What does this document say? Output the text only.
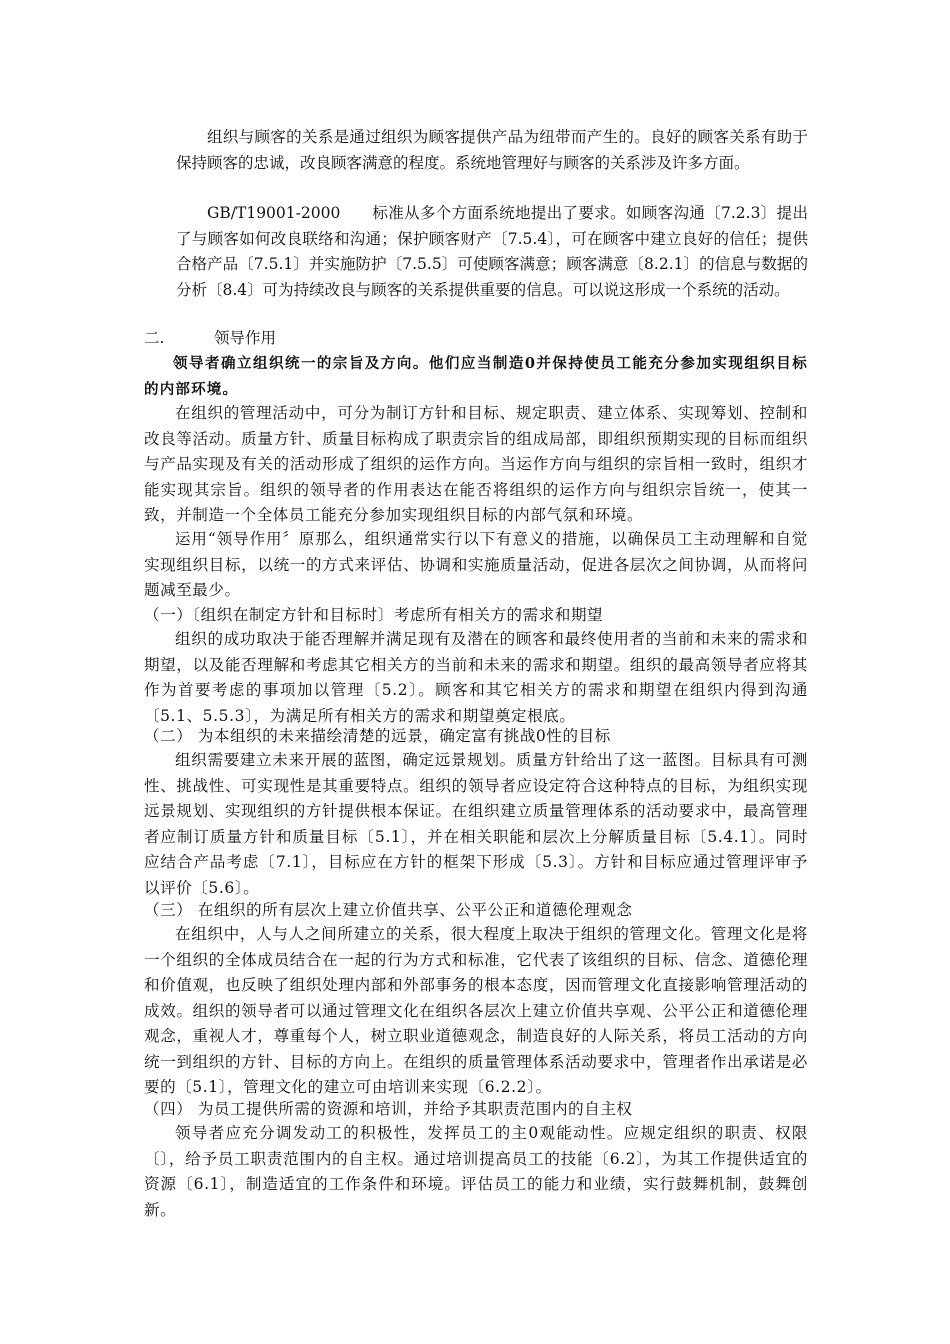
组织与顾客的关系是通过组织为顾客提供产品为纽带而产生的。良好的顾客关系有助于保持顾客的忠诚，改良顾客满意的程度。系统地管理好与顾客的关系涉及许多方面。

GB/T19001-2000　　标准从多个方面系统地提出了要求。如顾客沟通〔7.2.3〕提出了与顾客如何改良联络和沟通；保护顾客财产〔7.5.4〕，可在顾客中建立良好的信任；提供合格产品〔7.5.1〕并实施防护〔7.5.5〕可使顾客满意；顾客满意〔8.2.1〕的信息与数据的分析〔8.4〕可为持续改良与顾客的关系提供重要的信息。可以说这形成一个系统的活动。

二.	领导作用

领导者确立组织统一的宗旨及方向。他们应当制造0并保持使员工能充分参加实现组织目标的内部环境。

在组织的管理活动中，可分为制订方针和目标、规定职责、建立体系、实现筹划、控制和改良等活动。质量方针、质量目标构成了职责宗旨的组成局部，即组织预期实现的目标而组织与产品实现及有关的活动形成了组织的运作方向。当运作方向与组织的宗旨相一致时，组织才能实现其宗旨。组织的领导者的作用表达在能否将组织的运作方向与组织宗旨统一，使其一致，并制造一个全体员工能充分参加实现组织目标的内部气氛和环境。

运用“领导作用〞原那么，组织通常实行以下有意义的措施，以确保员工主动理解和自觉实现组织目标，以统一的方式来评估、协调和实施质量活动，促进各层次之间协调，从而将问题减至最少。

（一）〔组织在制定方针和目标时〕考虑所有相关方的需求和期望

组织的成功取决于能否理解并满足现有及潜在的顾客和最终使用者的当前和未来的需求和期望，以及能否理解和考虑其它相关方的当前和未来的需求和期望。组织的最高领导者应将其作为首要考虑的事项加以管理〔5.2〕。顾客和其它相关方的需求和期望在组织内得到沟通〔5.1、5.5.3〕，为满足所有相关方的需求和期望奠定根底。

（二） 为本组织的未来描绘清楚的远景，确定富有挑战0性的目标

组织需要建立未来开展的蓝图，确定远景规划。质量方针给出了这一蓝图。目标具有可测性、挑战性、可实现性是其重要特点。组织的领导者应设定符合这种特点的目标，为组织实现远景规划、实现组织的方针提供根本保证。在组织建立质量管理体系的活动要求中，最高管理者应制订质量方针和质量目标〔5.1〕，并在相关职能和层次上分解质量目标〔5.4.1〕。同时应结合产品考虑〔7.1〕，目标应在方针的框架下形成〔5.3〕。方针和目标应通过管理评审予以评价〔5.6〕。

（三） 在组织的所有层次上建立价值共享、公平公正和道德伦理观念

在组织中，人与人之间所建立的关系，很大程度上取决于组织的管理文化。管理文化是将一个组织的全体成员结合在一起的行为方式和标准，它代表了该组织的目标、信念、道德伦理和价值观，也反映了组织处理内部和外部事务的根本态度，因而管理文化直接影响管理活动的成效。组织的领导者可以通过管理文化在组织各层次上建立价值共享观、公平公正和道德伦理观念，重视人才，尊重每个人，树立职业道德观念，制造良好的人际关系，将员工活动的方向统一到组织的方针、目标的方向上。在组织的质量管理体系活动要求中，管理者作出承诺是必要的〔5.1〕，管理文化的建立可由培训来实现〔6.2.2〕。

（四） 为员工提供所需的资源和培训，并给予其职责范围内的自主权

领导者应充分调发动工的积极性，发挥员工的主0观能动性。应规定组织的职责、权限〔〕，给予员工职责范围内的自主权。通过培训提高员工的技能〔6.2〕，为其工作提供适宜的资源〔6.1〕，制造适宜的工作条件和环境。评估员工的能力和业绩，实行鼓舞机制，鼓舞创新。
